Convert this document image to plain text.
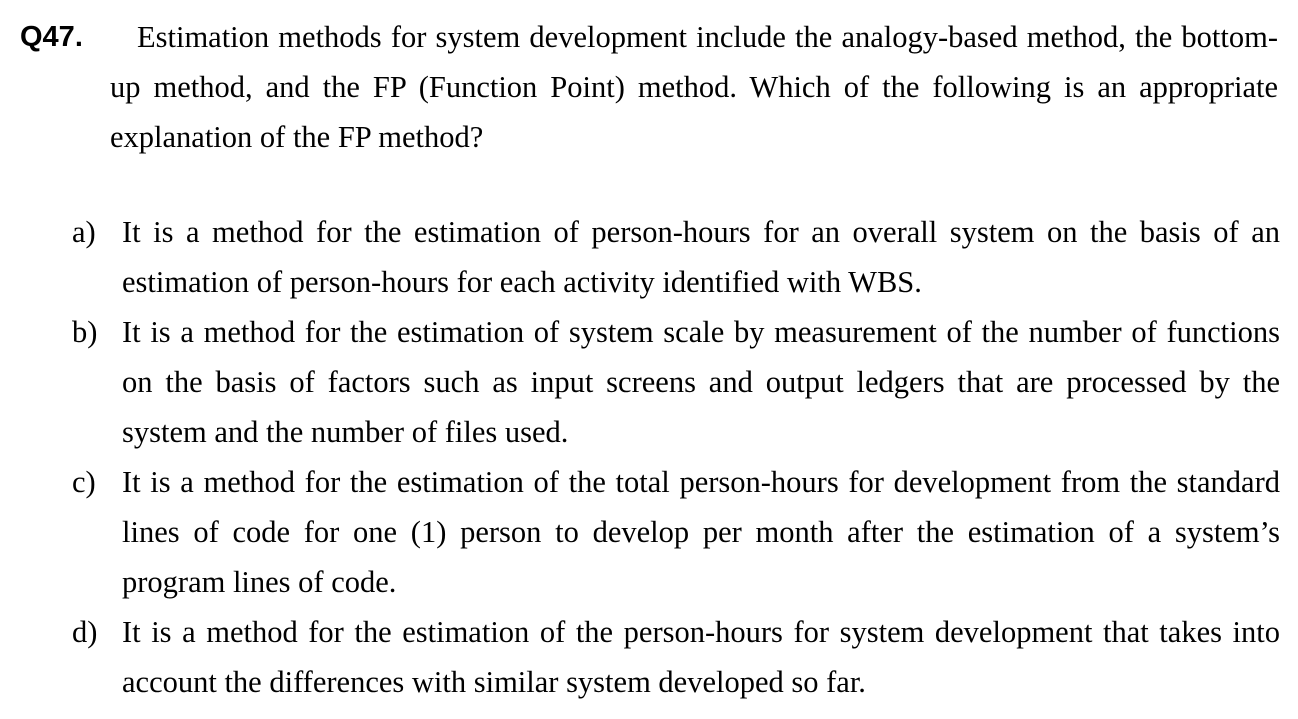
Q47.	Estimation methods for system development include the analogy-based method, the bottom-up method, and the FP (Function Point) method. Which of the following is an appropriate explanation of the FP method?
a) It is a method for the estimation of person-hours for an overall system on the basis of an estimation of person-hours for each activity identified with WBS.
b) It is a method for the estimation of system scale by measurement of the number of functions on the basis of factors such as input screens and output ledgers that are processed by the system and the number of files used.
c) It is a method for the estimation of the total person-hours for development from the standard lines of code for one (1) person to develop per month after the estimation of a system’s program lines of code.
d) It is a method for the estimation of the person-hours for system development that takes into account the differences with similar system developed so far.
